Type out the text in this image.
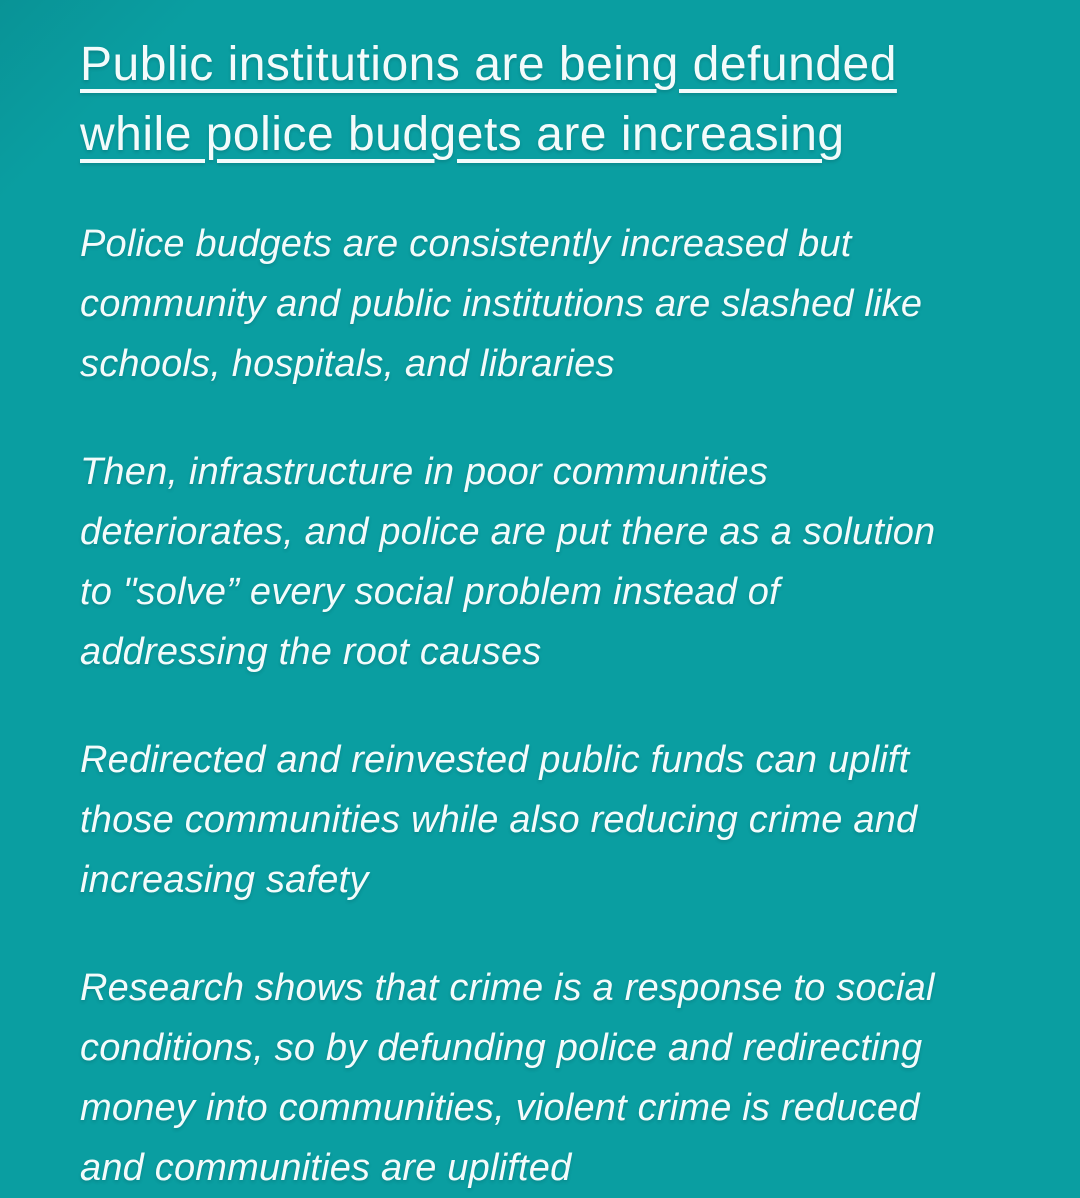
Public institutions are being defunded
while police budgets are increasing

Police budgets are consistently increased but
community and public institutions are slashed like
schools, hospitals, and libraries

Then, infrastructure in poor communities
deteriorates, and police are put there as a solution
to "solve” every social problem instead of
addressing the root causes

Redirected and reinvested public funds can uplift
those communities while also reducing crime and
increasing safety

Research shows that crime is a response to social
conditions, so by defunding police and redirecting
money into communities, violent crime is reduced
and communities are uplifted
